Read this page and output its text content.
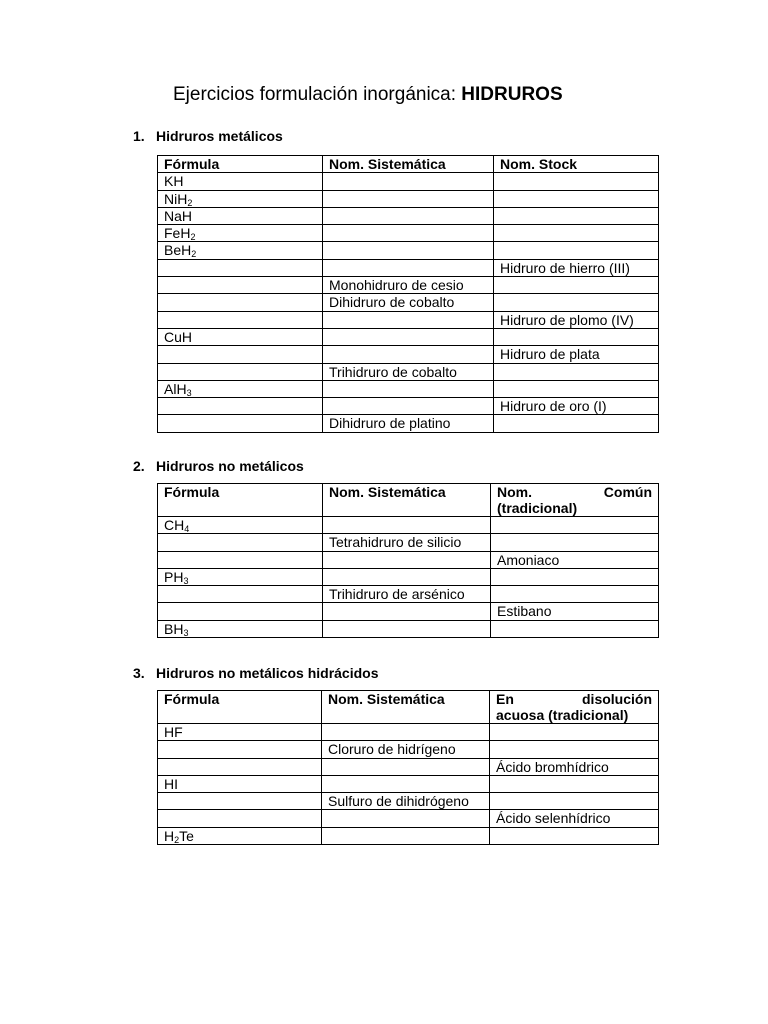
Ejercicios formulación inorgánica: HIDRUROS
1. Hidruros metálicos
Fórmula	Nom. Sistemática	Nom. Stock
KH		
NiH$_2$		
NaH		
FeH$_2$		
BeH$_2$		
		Hidruro de hierro (III)
	Monohidruro de cesio	
	Dihidruro de cobalto	
		Hidruro de plomo (IV)
CuH		
		Hidruro de plata
	Trihidruro de cobalto	
AlH$_3$		
		Hidruro de oro (I)
	Dihidruro de platino	
2. Hidruros no metálicos
Fórmula	Nom. Sistemática	Nom. Común
(tradicional)

$CH_4$		
	Tetrahidruro de silicio	
		Amoniaco
$PH_3$		
	Trihidruro de arsénico	
		Estibano
$BH_3$		
3. Hidruros no metálicos hidrácidos
Fórmula	Nom. Sistemática	En disolución
acuosa (tradicional)

HF		
	Cloruro de hidrígeno	
		Ácido bromhídrico
HI		
	Sulfuro de dihidrógeno	
		Ácido selenhídrico
$H_2Te$		
